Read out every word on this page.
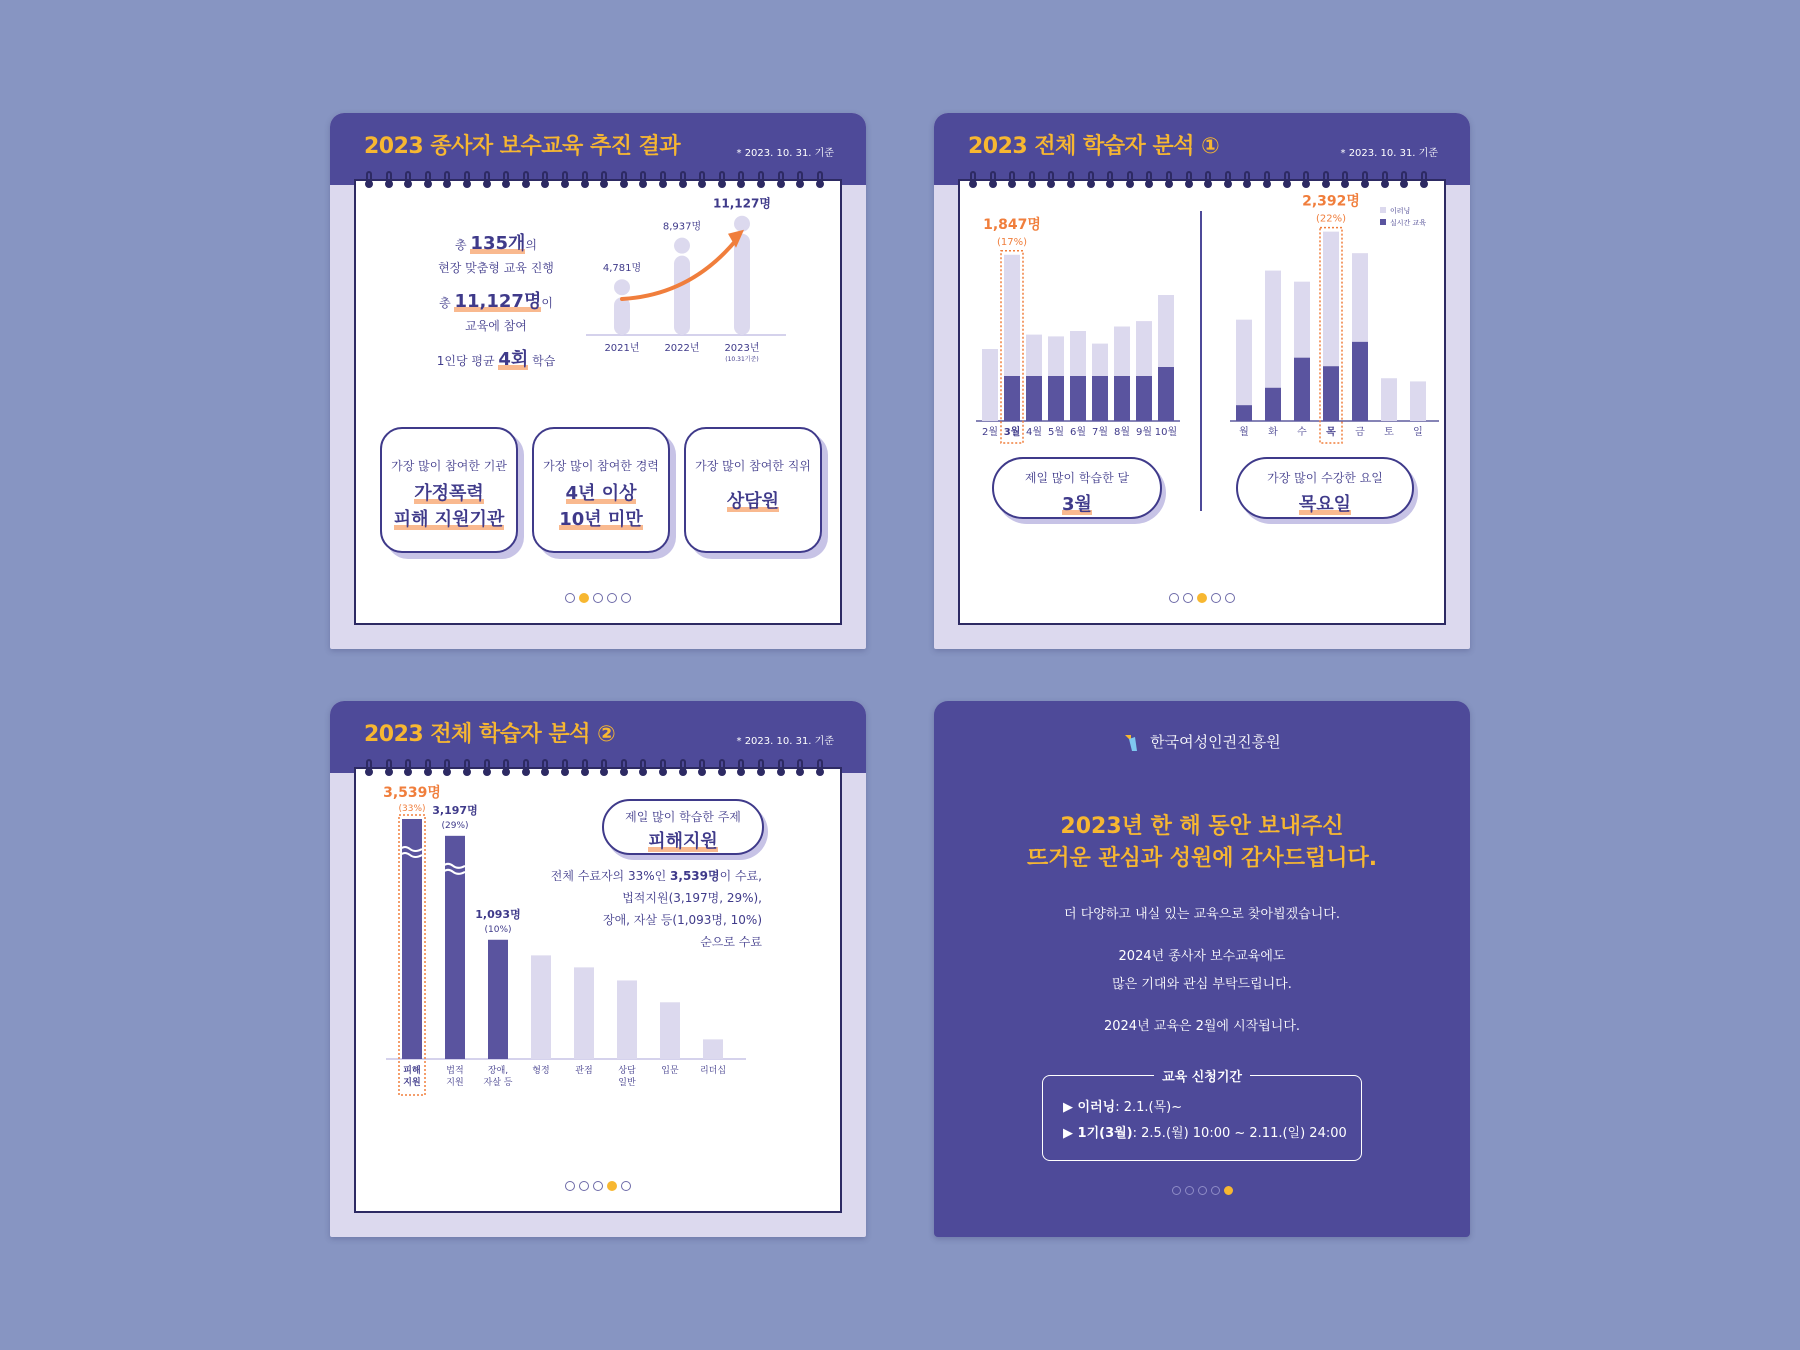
2023 종사자 보수교육 추진 결과	* 2023. 10. 31. 기준
총 135개의
현장 맞춤형 교육 진행
총 11,127명이
교육에 참여
1인당 평균 4회 학습
4,781명
2021년
8,937명
2022년
11,127명
2023년
(10.31기준)
가장 많이 참여한 기관
가정폭력
피해 지원기관
가장 많이 참여한 경력
4년 이상
10년 미만
가장 많이 참여한 직위
상담원
2023 전체 학습자 분석 ①	* 2023. 10. 31. 기준
2월 3월
1,847명
(17%)
4월 5월 6월 7월 8월 9월 10월	월 화 수 목
2,392명
(22%)
금 토 일
이러닝
실시간 교육
제일 많이 학습한 달
3월
가장 많이 수강한 요일
목요일
2023 전체 학습자 분석 ②	* 2023. 10. 31. 기준
3,539명
(33%)
피해
지원
3,197명
(29%)
법적
지원
1,093명
(10%)
장애,
자살 등
형정	관점	상담
일반
입문 리더십
제일 많이 학습한 주제
피해지원
전체 수료자의 33%인 3,539명이 수료,
법적지원(3,197명, 29%),
장애, 자살 등(1,093명, 10%)
순으로 수료
한국여성인권진흥원
2023년 한 해 동안 보내주신
뜨거운 관심과 성원에 감사드립니다.
더 다양하고 내실 있는 교육으로 찾아뵙겠습니다.
2024년 종사자 보수교육에도
많은 기대와 관심 부탁드립니다.
2024년 교육은 2월에 시작됩니다.
교육 신청기간
▶ 이러닝: 2.1.(목)~
▶ 1기(3월): 2.5.(월) 10:00 ~ 2.11.(일) 24:00
